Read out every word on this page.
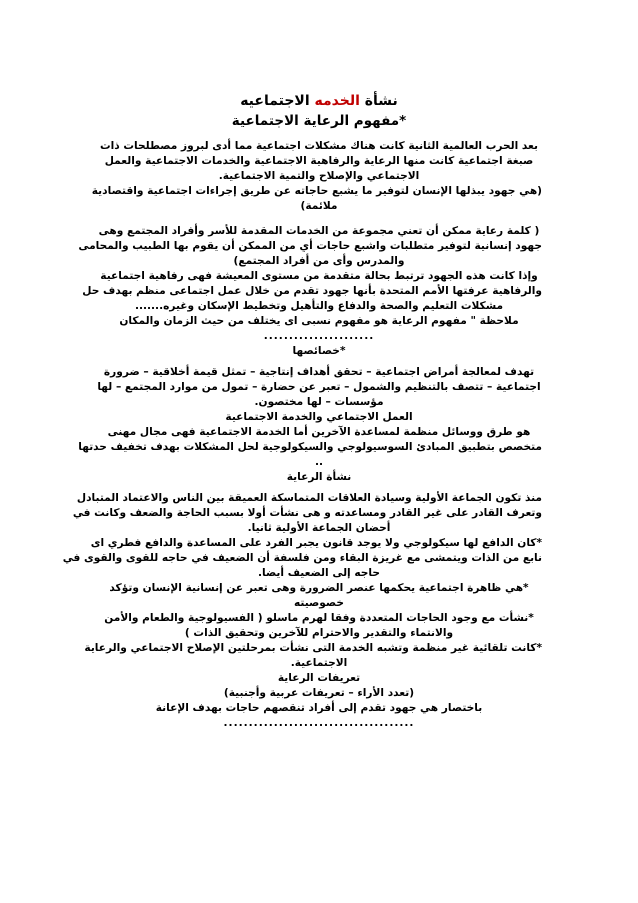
نشأة الخدمه الاجتماعيه
*مفهوم الرعاية الاجتماعية
بعد الحرب العالمية الثانية كانت هناك مشكلات اجتماعية مما أدى لبروز مصطلحات ذات
صبغة اجتماعية كانت منها الرعاية والرفاهية الاجتماعية والخدمات الاجتماعية والعمل
الاجتماعي والإصلاح والتمية الاجتماعية.
(هي جهود يبذلها الإنسان لتوفير ما يشبع حاجاته عن طريق إجراءات اجتماعية واقتصادية
ملائمة)
( كلمة رعاية ممكن أن تعني مجموعة من الخدمات المقدمة للأسر وأفراد المجتمع وهى
جهود إنسانية لتوفير متطلبات واشبع حاجات أي من الممكن أن يقوم بها الطبيب والمحامى
والمدرس وأى من أفراد المجتمع)
وإذا كانت هذه الجهود ترتبط بحالة متقدمة من مستوى المعيشة فهى رفاهية اجتماعية
والرفاهية عرفتها الأمم المتحدة بأنها جهود تقدم من خلال عمل اجتماعى منظم بهدف حل
مشكلات التعليم والصحة والدفاع والتأهيل وتخطيط الإسكان وغيره.......
ملاحظة " مفهوم الرعاية هو مفهوم نسبى اى يختلف من حيث الزمان والمكان
......................
*خصائصها
تهدف لمعالجة أمراض اجتماعية – تحقق أهداف إنتاجية – تمثل قيمة أخلاقية – ضرورة
اجتماعية – تتصف بالتنظيم والشمول – تعبر عن حضارة – تمول من موارد المجتمع – لها
مؤسسات – لها مختصون.
العمل الاجتماعي والخدمة الاجتماعية
هو طرق ووسائل منظمة لمساعدة الآخرين أما الخدمة الاجتماعية فهى مجال مهنى
متخصص بتطبيق المبادئ السوسيولوجي والسيكولوجية لحل المشكلات بهدف تخفيف حدتها
..
نشأة الرعاية
منذ تكون الجماعة الأولية وسيادة العلاقات المتماسكة العميقة بين الناس والاعتماد المتبادل
وتعرف القادر على غير القادر ومساعدته و هى نشأت أولا بسبب الحاجة والضعف وكانت في
أحضان الجماعة الأولية ثانيا.
*كان الدافع لها سيكولوجي ولا يوجد قانون يجبر الفرد على المساعدة والدافع فطري اى
نابع من الذات ويتمشى مع غريزة البقاء ومن فلسفة أن الضعيف في حاجه للقوى والقوى في
حاجه إلى الضعيف أيضا.
*هي ظاهرة اجتماعية يحكمها عنصر الضرورة وهى تعبر عن إنسانية الإنسان وتؤكد
خصوصيته
*نشأت مع وجود الحاجات المتعددة وفقا لهرم ماسلو ( الفسيولوجية والطعام والأمن
والانتماء والتقدير والاحترام للآخرين وتحقيق الذات )
*كانت تلقائية غير منظمة وتشبه الخدمة التى نشأت بمرحلتين الإصلاح الاجتماعي والرعاية
الاجتماعية.
تعريفات الرعاية
(تعدد الأراء – تعريفات عربية وأجنبية)
باختصار هي جهود تقدم إلى أفراد تنقصهم حاجات بهدف الإعانة
......................................
